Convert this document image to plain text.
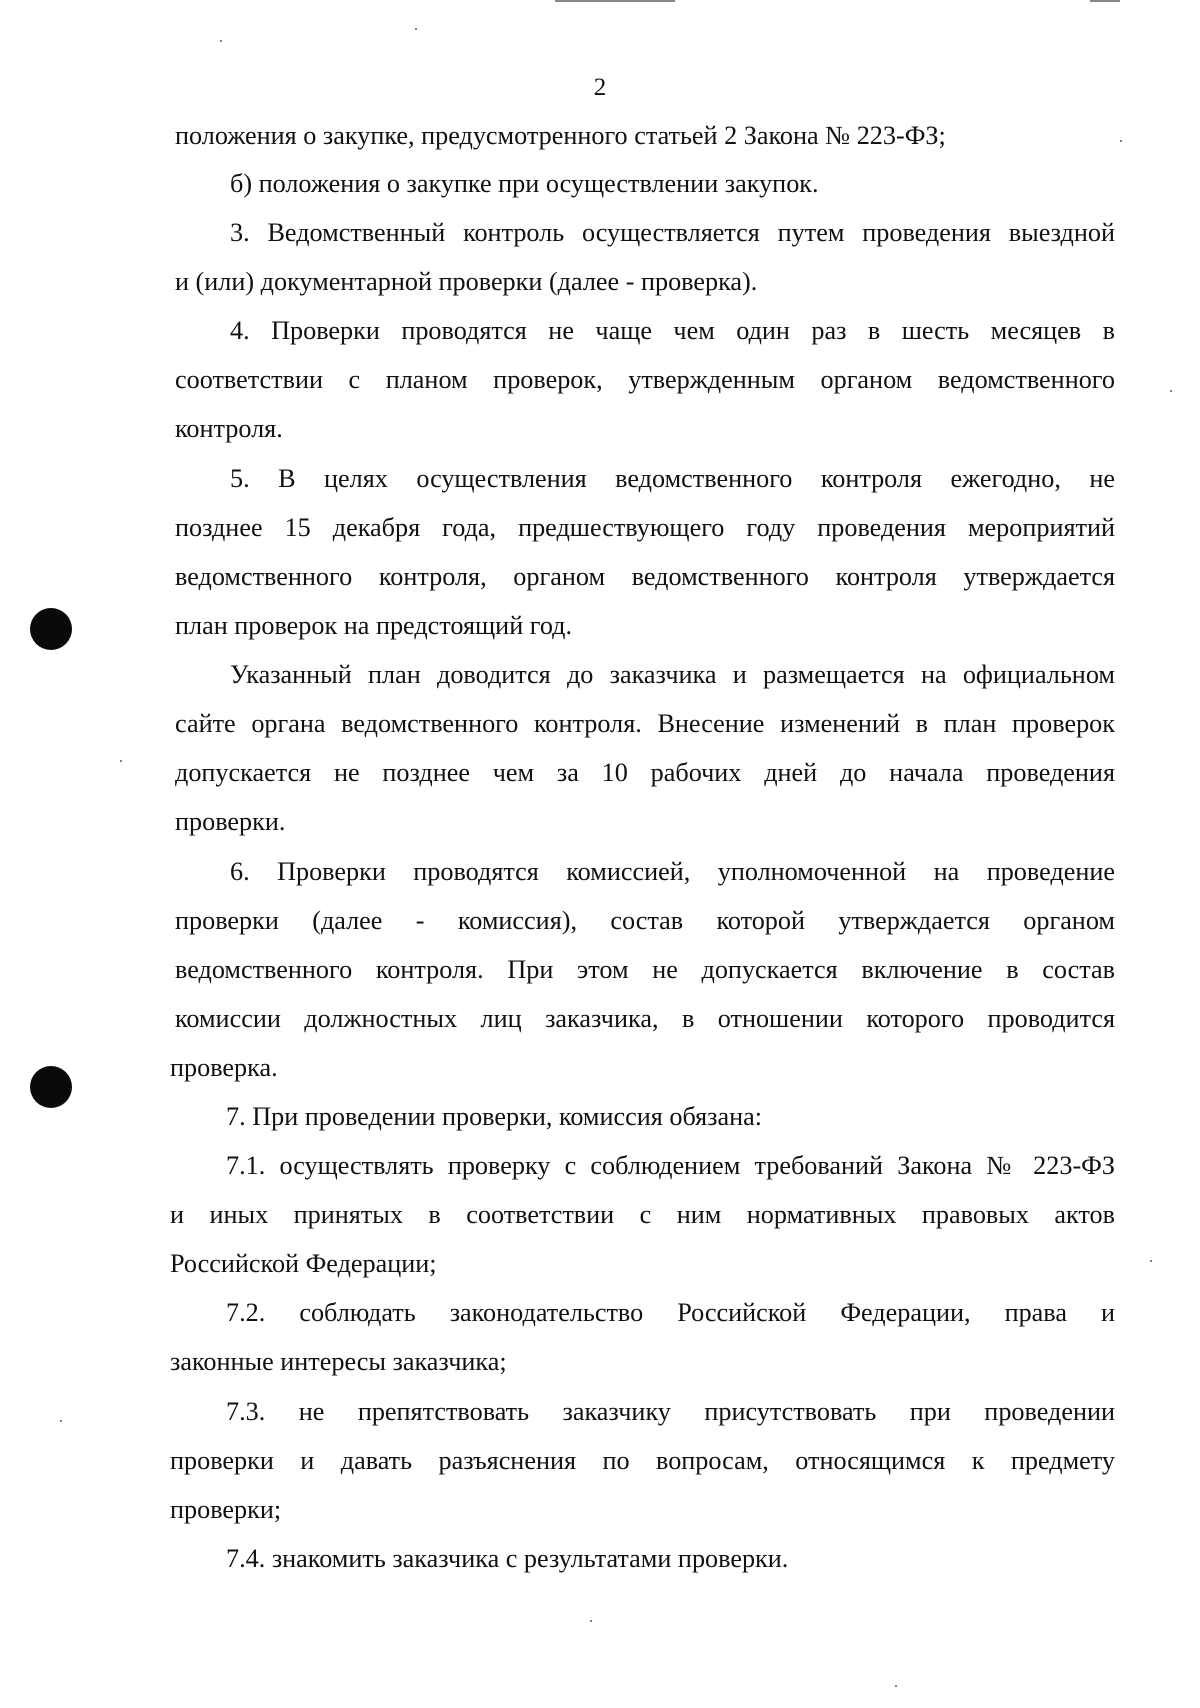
2
положения о закупке, предусмотренного статьей 2 Закона № 223-ФЗ;
б) положения о закупке при осуществлении закупок.
3. Ведомственный контроль осуществляется путем проведения выездной
и (или) документарной проверки (далее - проверка).
4. Проверки проводятся не чаще чем один раз в шесть месяцев в
соответствии с планом проверок, утвержденным органом ведомственного
контроля.
5. В целях осуществления ведомственного контроля ежегодно, не
позднее 15 декабря года, предшествующего году проведения мероприятий
ведомственного контроля, органом ведомственного контроля утверждается
план проверок на предстоящий год.
Указанный план доводится до заказчика и размещается на официальном
сайте органа ведомственного контроля. Внесение изменений в план проверок
допускается не позднее чем за 10 рабочих дней до начала проведения
проверки.
6. Проверки проводятся комиссией, уполномоченной на проведение
проверки (далее - комиссия), состав которой утверждается органом
ведомственного контроля. При этом не допускается включение в состав
комиссии должностных лиц заказчика, в отношении которого проводится
проверка.
7. При проведении проверки, комиссия обязана:
7.1. осуществлять проверку с соблюдением требований Закона № 223-ФЗ
и иных принятых в соответствии с ним нормативных правовых актов
Российской Федерации;
7.2. соблюдать законодательство Российской Федерации, права и
законные интересы заказчика;
7.3. не препятствовать заказчику присутствовать при проведении
проверки и давать разъяснения по вопросам, относящимся к предмету
проверки;
7.4. знакомить заказчика с результатами проверки.
